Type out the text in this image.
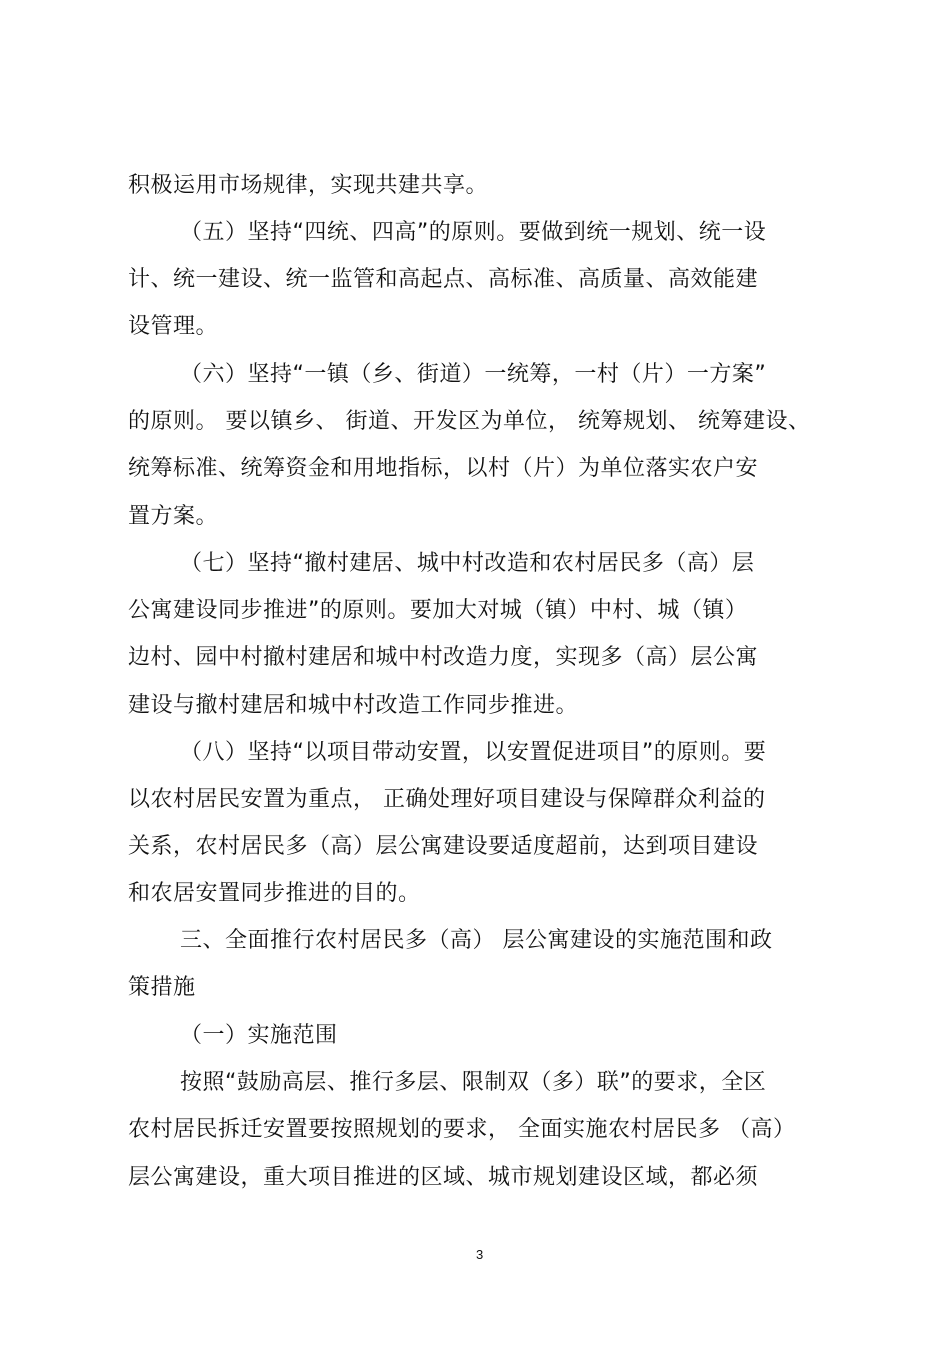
积极运用市场规律，实现共建共享。
（五）坚持“四统、四高”的原则。要做到统一规划、统一设
计、统一建设、统一监管和高起点、高标准、高质量、高效能建
设管理。
（六）坚持“一镇（乡、街道）一统筹，一村（片）一方案”
的原则。 要以镇乡、 街道、开发区为单位， 统筹规划、 统筹建设、
统筹标准、统筹资金和用地指标，以村（片）为单位落实农户安
置方案。
（七）坚持“撤村建居、城中村改造和农村居民多（高）层
公寓建设同步推进”的原则。要加大对城（镇）中村、城（镇）
边村、园中村撤村建居和城中村改造力度，实现多（高）层公寓
建设与撤村建居和城中村改造工作同步推进。
（八）坚持“以项目带动安置，以安置促进项目”的原则。要
以农村居民安置为重点， 正确处理好项目建设与保障群众利益的
关系，农村居民多（高）层公寓建设要适度超前，达到项目建设
和农居安置同步推进的目的。
三、全面推行农村居民多（高） 层公寓建设的实施范围和政
策措施
（一）实施范围
按照“鼓励高层、推行多层、限制双（多）联”的要求，全区
农村居民拆迁安置要按照规划的要求， 全面实施农村居民多 （高）
层公寓建设，重大项目推进的区域、城市规划建设区域，都必须
3
